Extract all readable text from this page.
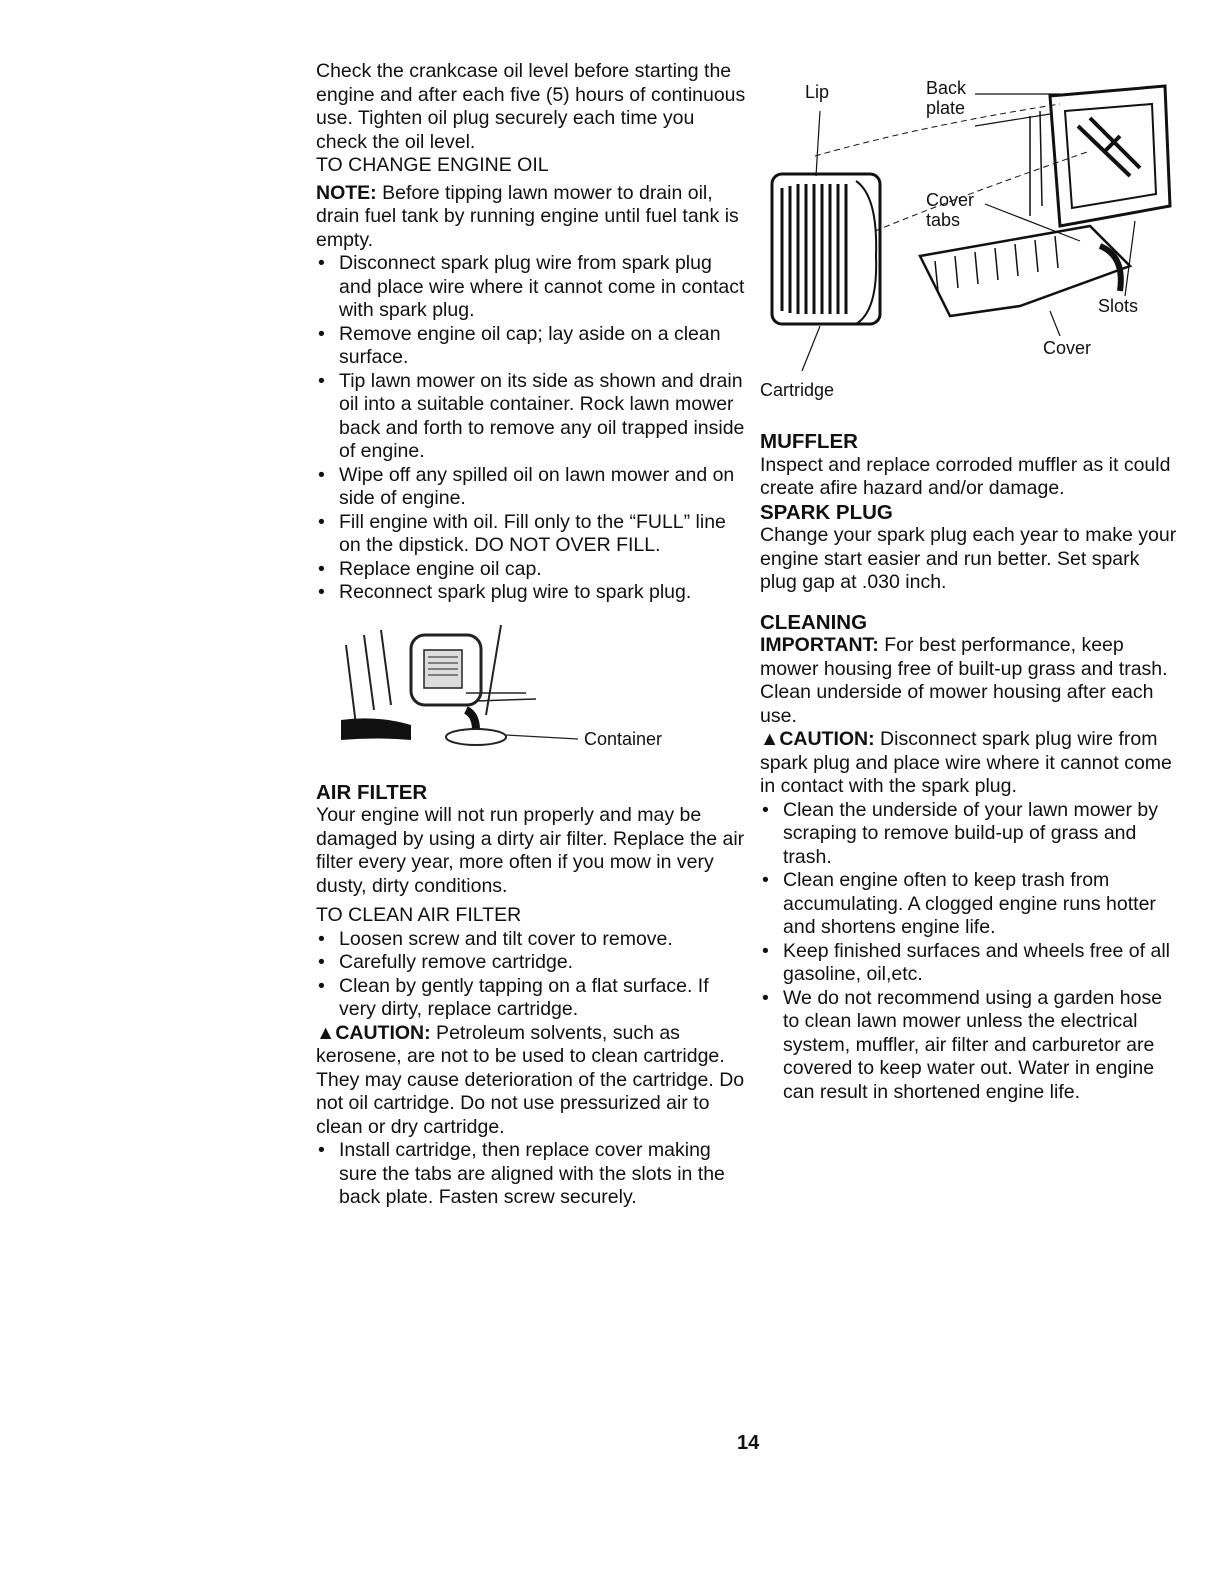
Check the crankcase oil level before starting the engine and after each five (5) hours of continuous use. Tighten oil plug securely each time you check the oil level.

TO CHANGE ENGINE OIL

NOTE: Before tipping lawn mower to drain oil, drain fuel tank by running engine until fuel tank is empty.

• Disconnect spark plug wire from spark plug and place wire where it cannot come in contact with spark plug.
• Remove engine oil cap; lay aside on a clean surface.
• Tip lawn mower on its side as shown and drain oil into a suitable container. Rock lawn mower back and forth to remove any oil trapped inside of engine.
• Wipe off any spilled oil on lawn mower and on side of engine.
• Fill engine with oil. Fill only to the “FULL” line on the dipstick. DO NOT OVER FILL.
• Replace engine oil cap.
• Reconnect spark plug wire to spark plug.
Container

AIR FILTER

Your engine will not run properly and may be damaged by using a dirty air filter. Replace the air filter every year, more often if you mow in very dusty, dirty conditions.

TO CLEAN AIR FILTER

• Loosen screw and tilt cover to remove.
• Carefully remove cartridge.
• Clean by gently tapping on a flat surface. If very dirty, replace cartridge.

▲CAUTION: Petroleum solvents, such as kerosene, are not to be used to clean cartridge. They may cause deterioration of the cartridge. Do not oil cartridge. Do not use pressurized air to clean or dry cartridge.

• Install cartridge, then replace cover making sure the tabs are aligned with the slots in the back plate. Fasten screw securely.
Lip	Back
plate
Cover
tabs
Slots
Cover
Cartridge

MUFFLER

Inspect and replace corroded muffler as it could create afire hazard and/or damage.

SPARK PLUG

Change your spark plug each year to make your engine start easier and run better. Set spark plug gap at .030 inch.

CLEANING

IMPORTANT: For best performance, keep mower housing free of built-up grass and trash. Clean underside of mower housing after each use.

▲CAUTION: Disconnect spark plug wire from spark plug and place wire where it cannot come in contact with the spark plug.

• Clean the underside of your lawn mower by scraping to remove build-up of grass and trash.
• Clean engine often to keep trash from accumulating. A clogged engine runs hotter and shortens engine life.
• Keep finished surfaces and wheels free of all gasoline, oil,etc.
• We do not recommend using a garden hose to clean lawn mower unless the electrical system, muffler, air filter and carburetor are covered to keep water out. Water in engine can result in shortened engine life.
14
